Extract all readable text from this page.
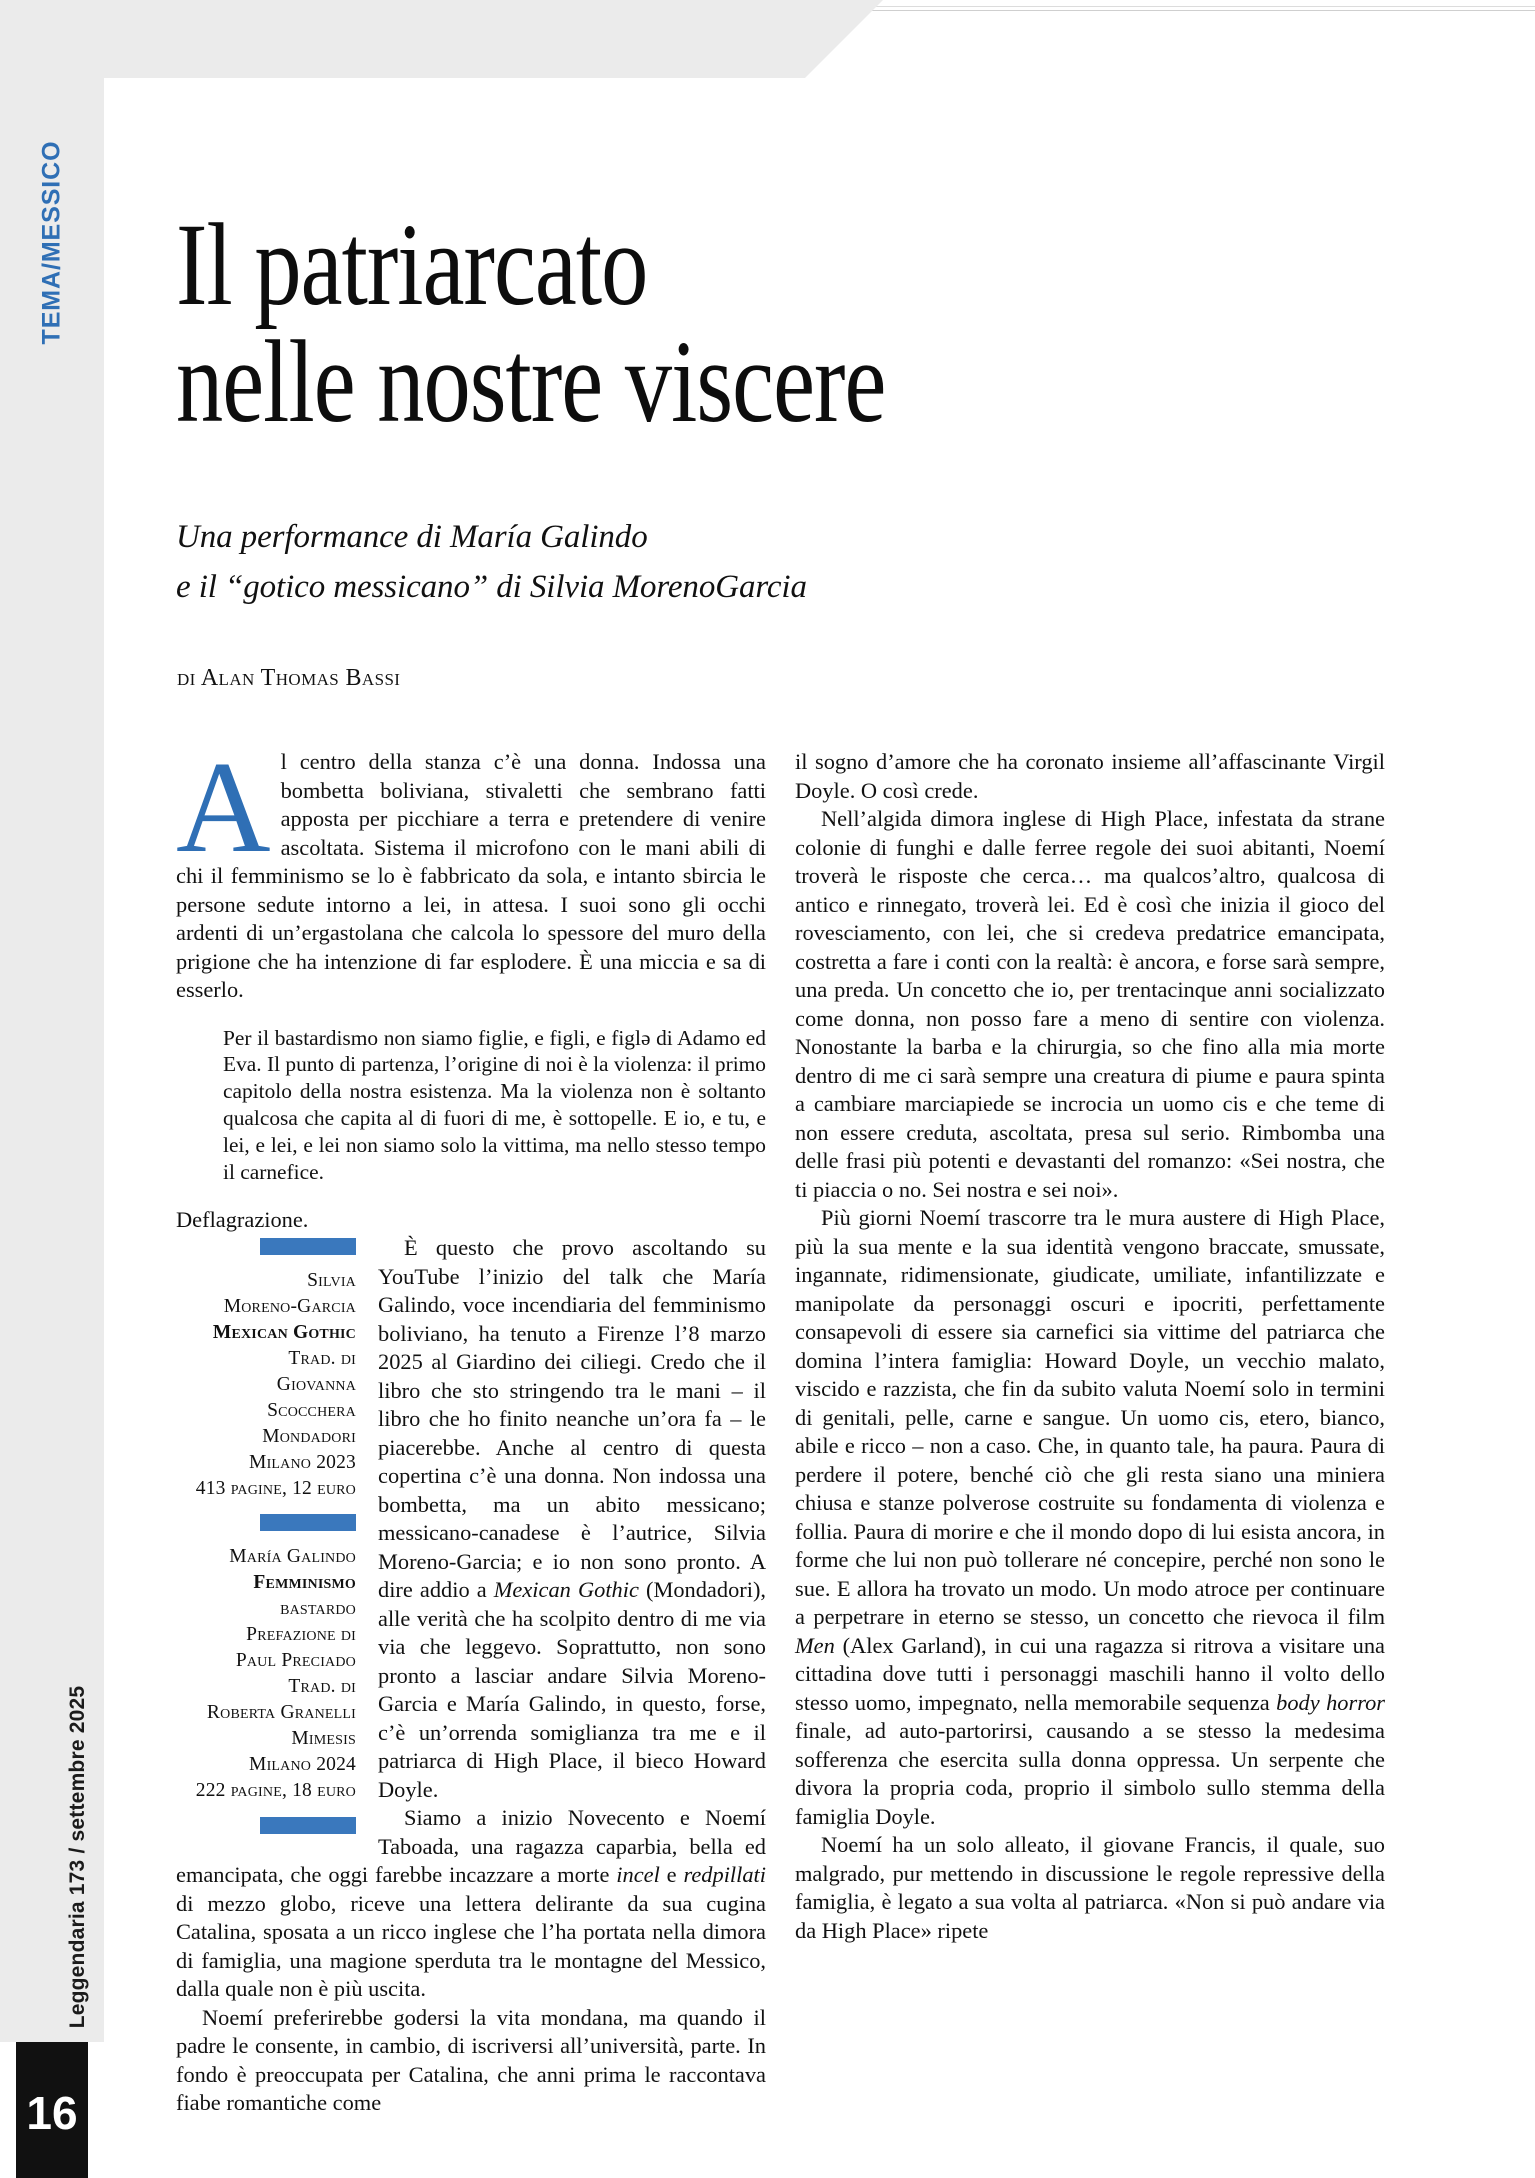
TEMA/MESSICO
Leggendaria 173 / settembre 2025
16
Il patriarcato
nelle nostre viscere
Una performance di María Galindo
e il “gotico messicano” di Silvia MorenoGarcia
di Alan Thomas Bassi

Al centro della stanza c’è una donna. Indossa una bombetta boliviana, stivaletti che sembrano fatti apposta per picchiare a terra e pretendere di venire ascoltata. Sistema il microfono con le mani abili di chi il femminismo se lo è fabbricato da sola, e intanto sbircia le persone sedute intorno a lei, in attesa. I suoi sono gli occhi ardenti di un’ergastolana che calcola lo spessore del muro della prigione che ha intenzione di far esplodere. È una miccia e sa di esserlo.

Per il bastardismo non siamo figlie, e figli, e figlə di Adamo ed Eva. Il punto di partenza, l’origine di noi è la violenza: il primo capitolo della nostra esistenza. Ma la violenza non è soltanto qualcosa che capita al di fuori di me, è sottopelle. E io, e tu, e lei, e lei, e lei non siamo solo la vittima, ma nello stesso tempo il carnefice.

Deflagrazione.

Silvia
Moreno-Garcia
Mexican Gothic
Trad. di
Giovanna Scocchera
Mondadori
Milano 2023
413 pagine, 12 euro
María Galindo
Femminismo
bastardo
Prefazione di
Paul Preciado
Trad. di
Roberta Granelli
Mimesis
Milano 2024
222 pagine, 18 euro
È questo che provo ascoltando su YouTube l’inizio del talk che María Galindo, voce incendiaria del femminismo boliviano, ha tenuto a Firenze l’8 marzo 2025 al Giardino dei ciliegi. Credo che il libro che sto stringendo tra le mani – il libro che ho finito neanche un’ora fa – le piacerebbe. Anche al centro di questa copertina c’è una donna. Non indossa una bombetta, ma un abito messicano; messicano-canadese è l’autrice, Silvia Moreno-Garcia; e io non sono pronto. A dire addio a Mexican Gothic (Mondadori), alle verità che ha scolpito dentro di me via via che leggevo. Soprattutto, non sono pronto a lasciar andare Silvia Moreno-Garcia e María Galindo, in questo, forse, c’è un’orrenda somiglianza tra me e il patriarca di High Place, il bieco Howard Doyle.

Siamo a inizio Novecento e Noemí Taboada, una ragazza caparbia, bella ed emancipata, che oggi farebbe incazzare a morte incel e redpillati di mezzo globo, riceve una lettera delirante da sua cugina Catalina, sposata a un ricco inglese che l’ha portata nella dimora di famiglia, una magione sperduta tra le montagne del Messico, dalla quale non è più uscita.

Noemí preferirebbe godersi la vita mondana, ma quando il padre le consente, in cambio, di iscriversi all’università, parte. In fondo è preoccupata per Catalina, che anni prima le raccontava fiabe romantiche come

il sogno d’amore che ha coronato insieme all’affascinante Virgil Doyle. O così crede.

Nell’algida dimora inglese di High Place, infestata da strane colonie di funghi e dalle ferree regole dei suoi abitanti, Noemí troverà le risposte che cerca… ma qualcos’altro, qualcosa di antico e rinnegato, troverà lei. Ed è così che inizia il gioco del rovesciamento, con lei, che si credeva predatrice emancipata, costretta a fare i conti con la realtà: è ancora, e forse sarà sempre, una preda. Un concetto che io, per trentacinque anni socializzato come donna, non posso fare a meno di sentire con violenza. Nonostante la barba e la chirurgia, so che fino alla mia morte dentro di me ci sarà sempre una creatura di piume e paura spinta a cambiare marciapiede se incrocia un uomo cis e che teme di non essere creduta, ascoltata, presa sul serio. Rimbomba una delle frasi più potenti e devastanti del romanzo: «Sei nostra, che ti piaccia o no. Sei nostra e sei noi».

Più giorni Noemí trascorre tra le mura austere di High Place, più la sua mente e la sua identità vengono braccate, smussate, ingannate, ridimensionate, giudicate, umiliate, infantilizzate e manipolate da personaggi oscuri e ipocriti, perfettamente consapevoli di essere sia carnefici sia vittime del patriarca che domina l’intera famiglia: Howard Doyle, un vecchio malato, viscido e razzista, che fin da subito valuta Noemí solo in termini di genitali, pelle, carne e sangue. Un uomo cis, etero, bianco, abile e ricco – non a caso. Che, in quanto tale, ha paura. Paura di perdere il potere, benché ciò che gli resta siano una miniera chiusa e stanze polverose costruite su fondamenta di violenza e follia. Paura di morire e che il mondo dopo di lui esista ancora, in forme che lui non può tollerare né concepire, perché non sono le sue. E allora ha trovato un modo. Un modo atroce per continuare a perpetrare in eterno se stesso, un concetto che rievoca il film Men (Alex Garland), in cui una ragazza si ritrova a visitare una cittadina dove tutti i personaggi maschili hanno il volto dello stesso uomo, impegnato, nella memorabile sequenza body horror finale, ad auto-partorirsi, causando a se stesso la medesima sofferenza che esercita sulla donna oppressa. Un serpente che divora la propria coda, proprio il simbolo sullo stemma della famiglia Doyle.

Noemí ha un solo alleato, il giovane Francis, il quale, suo malgrado, pur mettendo in discussione le regole repressive della famiglia, è legato a sua volta al patriarca. «Non si può andare via da High Place» ripete
